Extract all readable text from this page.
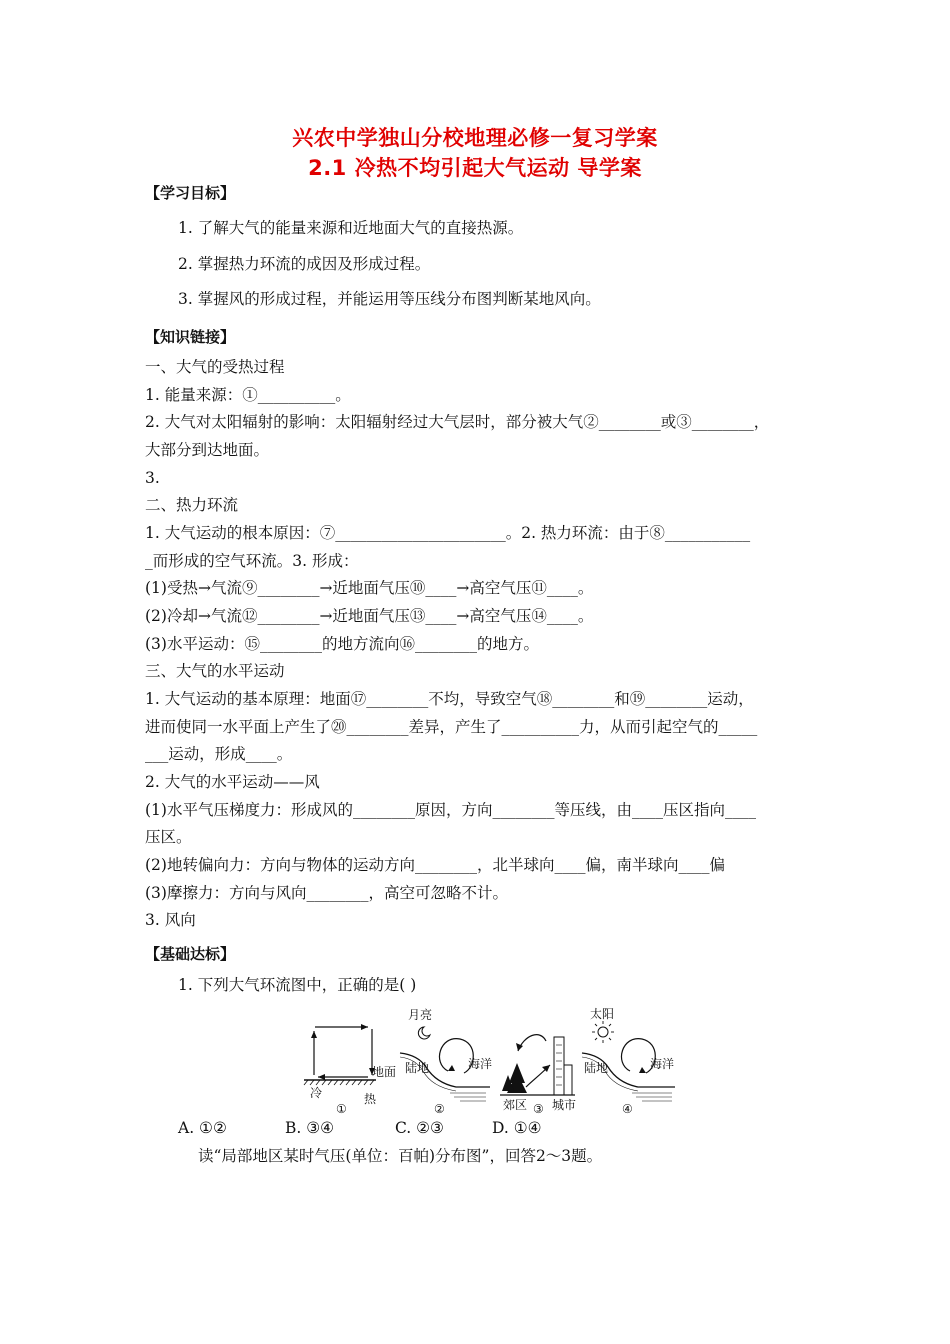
兴农中学独山分校地理必修一复习学案
2.1 冷热不均引起大气运动 导学案
【学习目标】
1. 了解大气的能量来源和近地面大气的直接热源。
2. 掌握热力环流的成因及形成过程。
3. 掌握风的形成过程，并能运用等压线分布图判断某地风向。
【知识链接】
一、大气的受热过程
1. 能量来源：①__________。
2. 大气对太阳辐射的影响：太阳辐射经过大气层时，部分被大气②________或③________，
大部分到达地面。
3.
二、热力环流
1. 大气运动的根本原因：⑦______________________。2. 热力环流：由于⑧___________
_而形成的空气环流。3. 形成：
(1)受热→气流⑨________→近地面气压⑩____→高空气压⑪____。
(2)冷却→气流⑫________→近地面气压⑬____→高空气压⑭____。
(3)水平运动：⑮________的地方流向⑯________的地方。
三、大气的水平运动
1. 大气运动的基本原理：地面⑰________不均，导致空气⑱________和⑲________运动，
进而使同一水平面上产生了⑳________差异，产生了__________力，从而引起空气的_____
___运动，形成____。
2. 大气的水平运动——风
(1)水平气压梯度力：形成风的________原因，方向________等压线，由____压区指向____
压区。
(2)地转偏向力：方向与物体的运动方向________，北半球向____偏，南半球向____偏
(3)摩擦力：方向与风向________，高空可忽略不计。
3. 风向
【基础达标】
1. 下列大气环流图中，正确的是( )
地面
冷	热
①
月亮
陆地	海洋
②	郊区 城市
③
太阳
陆地	海洋
④
A. ①②	B. ③④	C. ②③	D. ①④
读“局部地区某时气压(单位：百帕)分布图”，回答2～3题。
